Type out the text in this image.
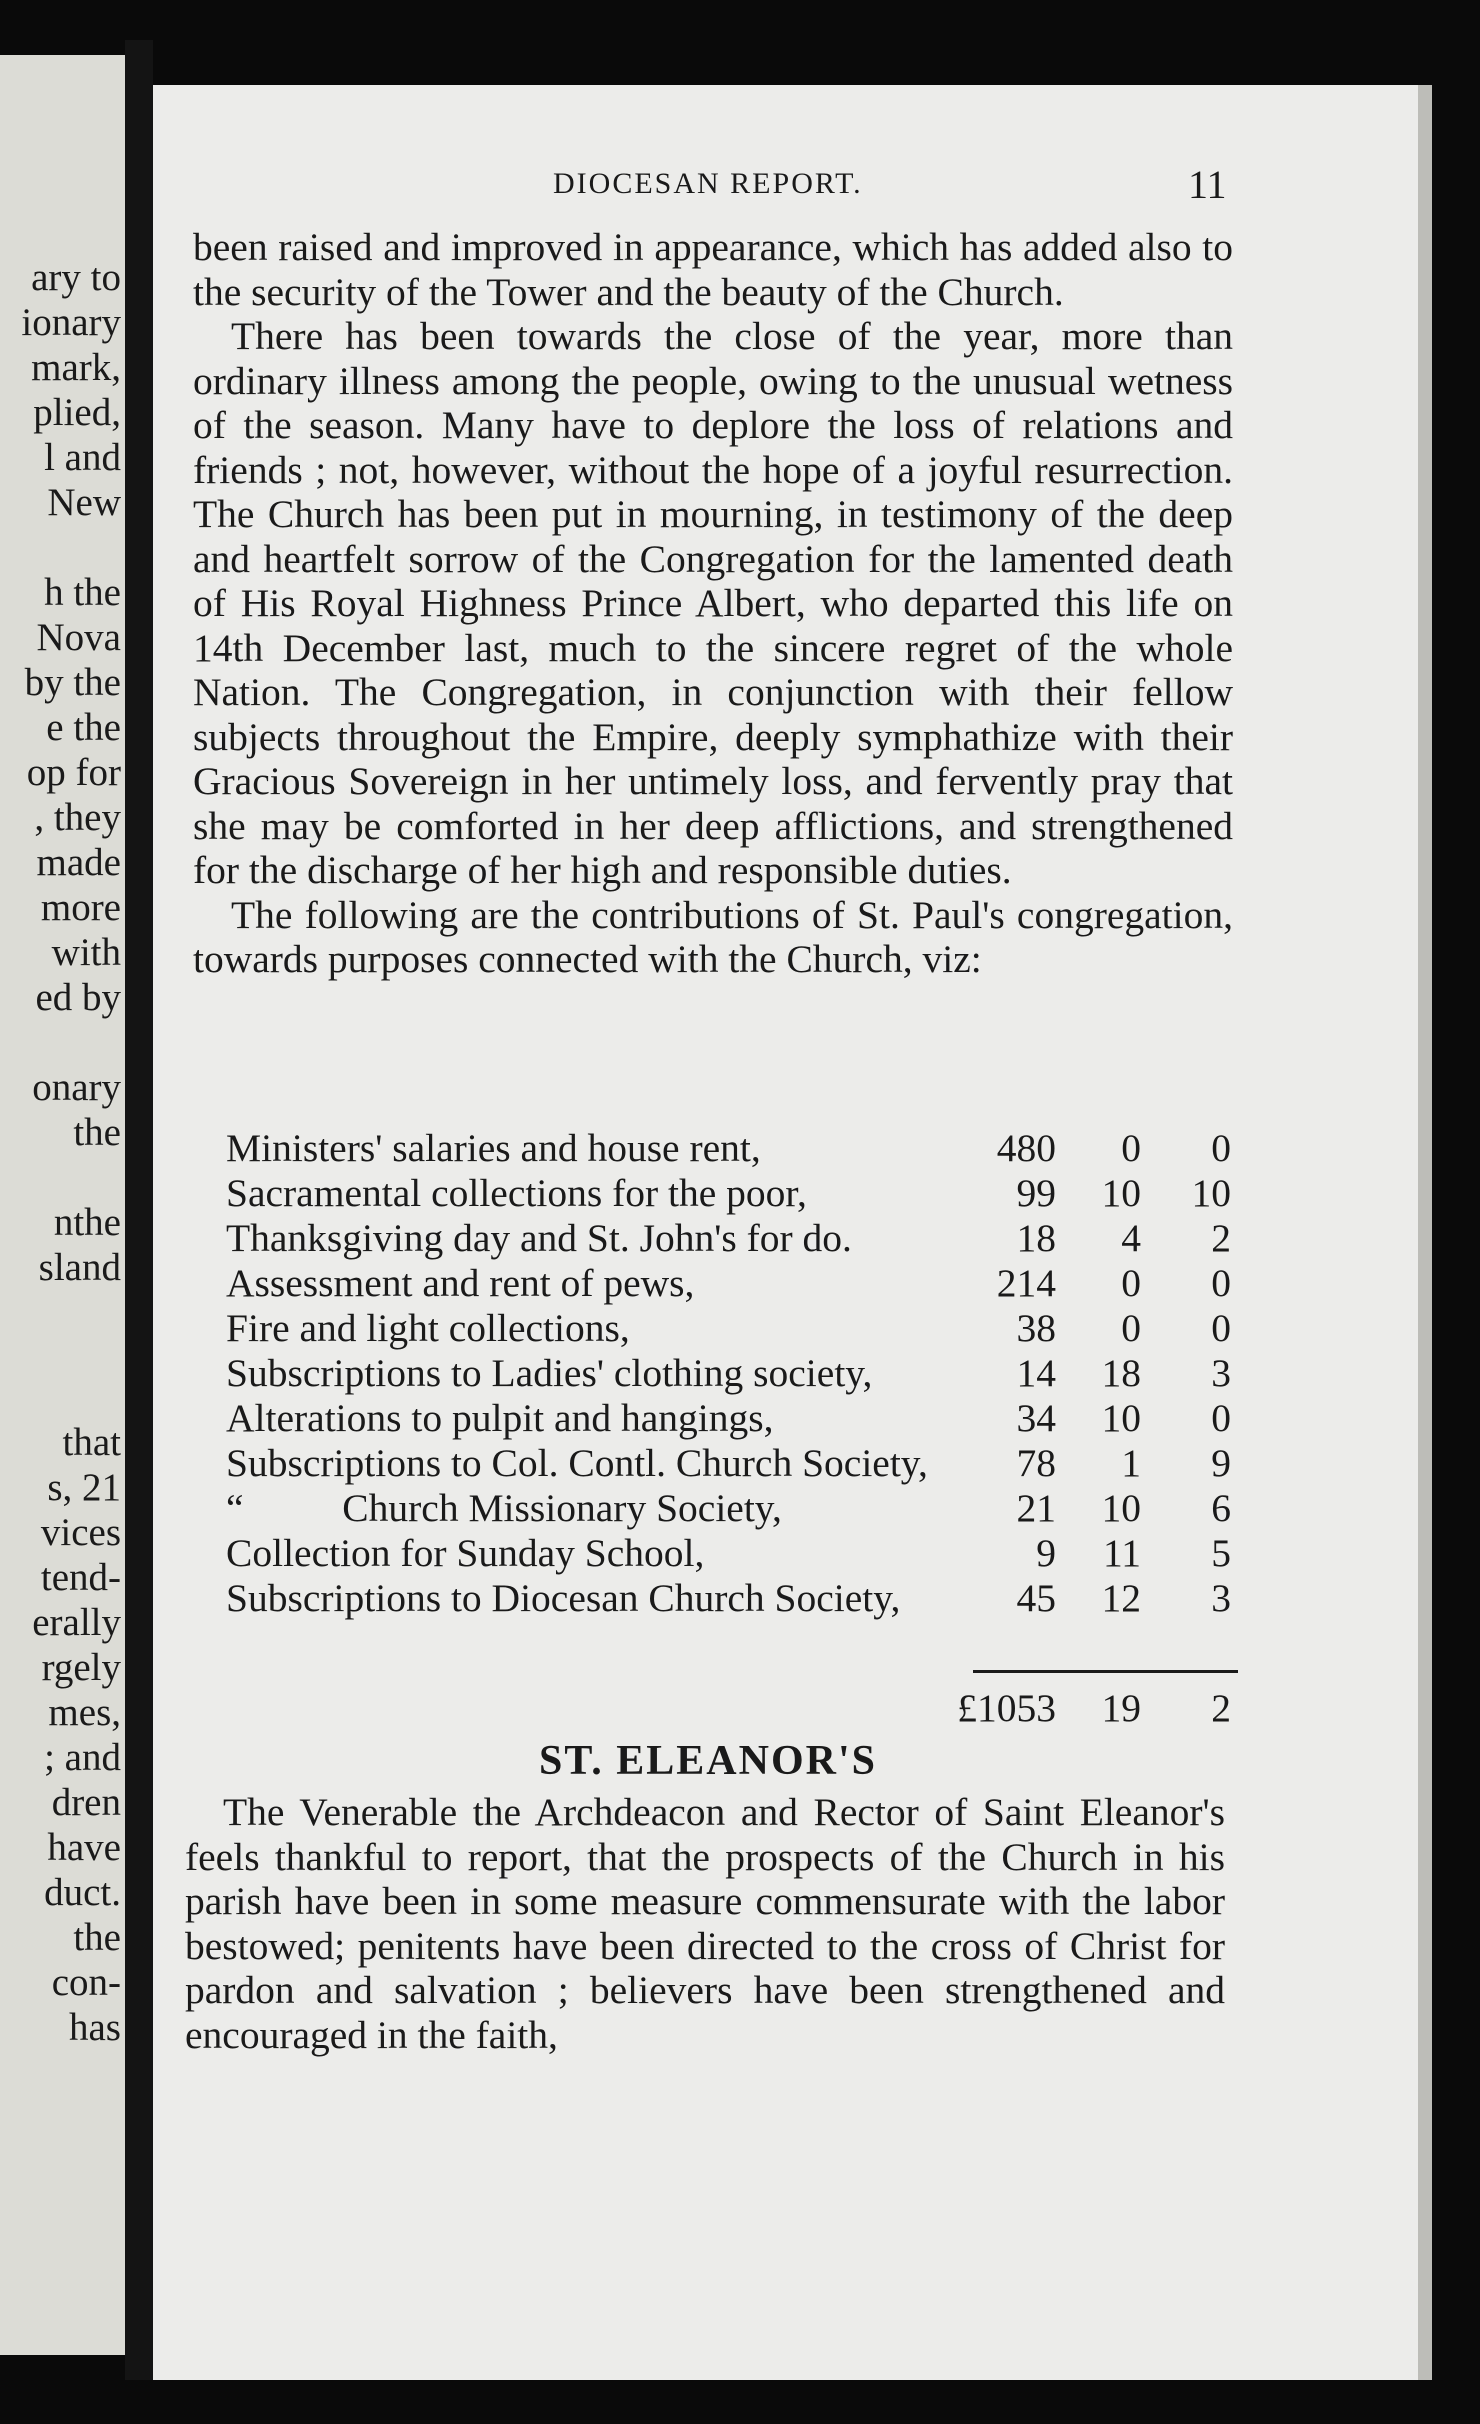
ary to
ionary
mark,
plied,
l and
New
h the
Nova
by the
e the
op for
, they
made
more
with
ed by
onary
the
nthe
sland
that
s, 21
vices
tend-
erally
rgely
mes,
; and
dren
have
duct.
the
con-
has
DIOCESAN REPORT.	11

been raised and improved in appearance, which has added also to the security of the Tower and the beauty of the Church.

There has been towards the close of the year, more than ordinary illness among the people, owing to the unusual wetness of the season. Many have to deplore the loss of relations and friends ; not, however, without the hope of a joyful resurrection. The Church has been put in mourning, in testimony of the deep and heartfelt sorrow of the Congregation for the lamented death of His Royal Highness Prince Albert, who departed this life on 14th December last, much to the sincere regret of the whole Nation. The Congregation, in conjunction with their fellow subjects throughout the Empire, deeply symphathize with their Gracious Sovereign in her untimely loss, and fervently pray that she may be comforted in her deep afflictions, and strengthened for the discharge of her high and responsible duties.

The following are the contributions of St. Paul's congregation, towards purposes connected with the Church, viz:

Ministers' salaries and house rent,	480 0	0
Sacramental collections for the poor,	99 10 10
Thanksgiving day and St. John's for do.	18 4	2
Assessment and rent of pews,	214 0	0
Fire and light collections,	38 0	0
Subscriptions to Ladies' clothing society,	14 18	3
Alterations to pulpit and hangings,	34 10	0
Subscriptions to Col. Contl. Church Society, 78 1	9
“          Church Missionary Society,	21 10	6
Collection for Sunday School,	9 11	5
Subscriptions to Diocesan Church Society,	45 12	3
£1053 19	2
ST. ELEANOR'S

The Venerable the Archdeacon and Rector of Saint Eleanor's feels thankful to report, that the prospects of the Church in his parish have been in some measure commensurate with the labor bestowed; penitents have been directed to the cross of Christ for pardon and salvation ; believers have been strengthened and encouraged in the faith,
